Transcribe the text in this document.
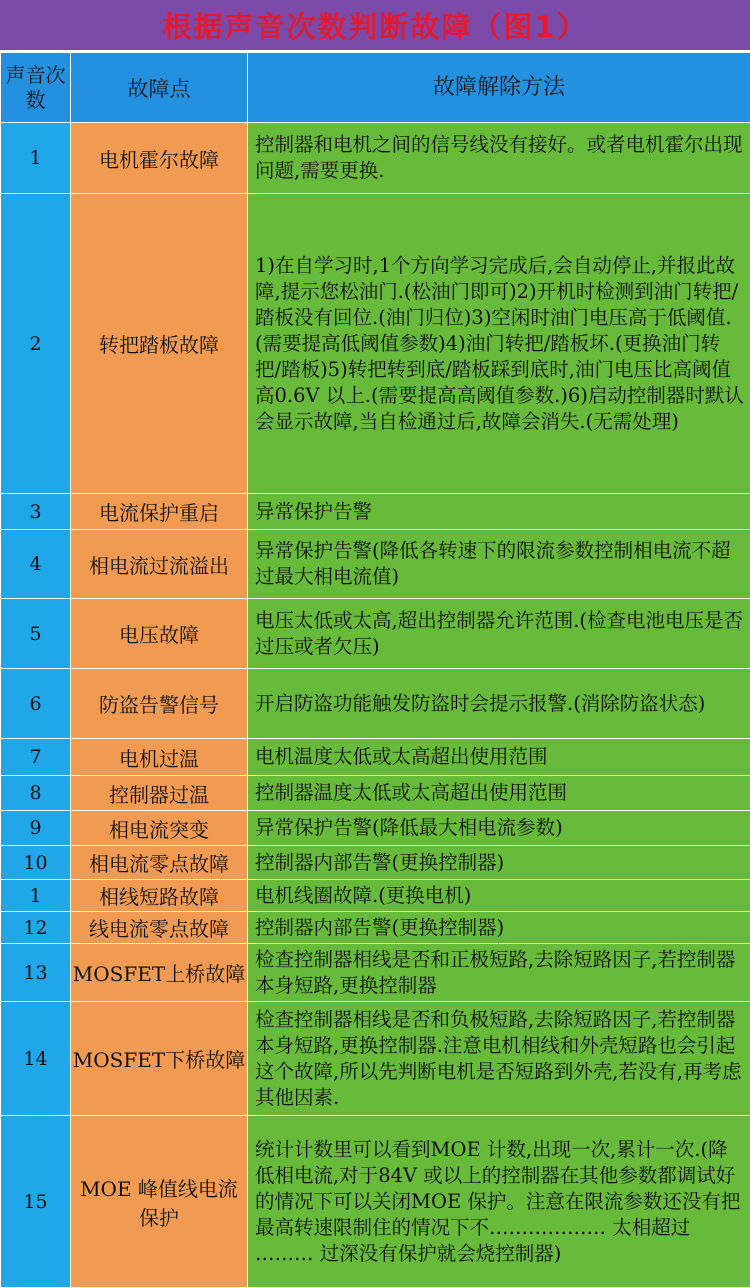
根据声音次数判断故障（图1）
声音次数	故障点	故障解除方法
1	电机霍尔故障	控制器和电机之间的信号线没有接好。或者电机霍尔出现问题,需要更换.
2	转把踏板故障	1)在自学习时,1个方向学习完成后,会自动停止,并报此故障,提示您松油门.(松油门即可)2)开机时检测到油门转把/踏板没有回位.(油门归位)3)空闲时油门电压高于低阈值.(需要提高低阈值参数)4)油门转把/踏板坏.(更换油门转把/踏板)5)转把转到底/踏板踩到底时,油门电压比高阈值高0.6V 以上.(需要提高高阈值参数.)6)启动控制器时默认会显示故障,当自检通过后,故障会消失.(无需处理)
3	电流保护重启	异常保护告警
4	相电流过流溢出	异常保护告警(降低各转速下的限流参数控制相电流不超过最大相电流值)
5	电压故障	电压太低或太高,超出控制器允许范围.(检查电池电压是否过压或者欠压)
6	防盗告警信号	开启防盗功能触发防盗时会提示报警.(消除防盗状态)
7	电机过温	电机温度太低或太高超出使用范围
8	控制器过温	控制器温度太低或太高超出使用范围
9	相电流突变	异常保护告警(降低最大相电流参数)
10	相电流零点故障	控制器内部告警(更换控制器)
1	相线短路故障	电机线圈故障.(更换电机)
12	线电流零点故障	控制器内部告警(更换控制器)
13	MOSFET上桥故障	检查控制器相线是否和正极短路,去除短路因子,若控制器本身短路,更换控制器
14	MOSFET下桥故障	检查控制器相线是否和负极短路,去除短路因子,若控制器本身短路,更换控制器.注意电机相线和外壳短路也会引起这个故障,所以先判断电机是否短路到外壳,若没有,再考虑其他因素.
15	MOE 峰值线电流保护	统计计数里可以看到MOE 计数,出现一次,累计一次.(降低相电流,对于84V 或以上的控制器在其他参数都调试好的情况下可以关闭MOE 保护。注意在限流参数还没有把最高转速限制住的情况下不……………… 太相超过 ……… 过深没有保护就会烧控制器)
